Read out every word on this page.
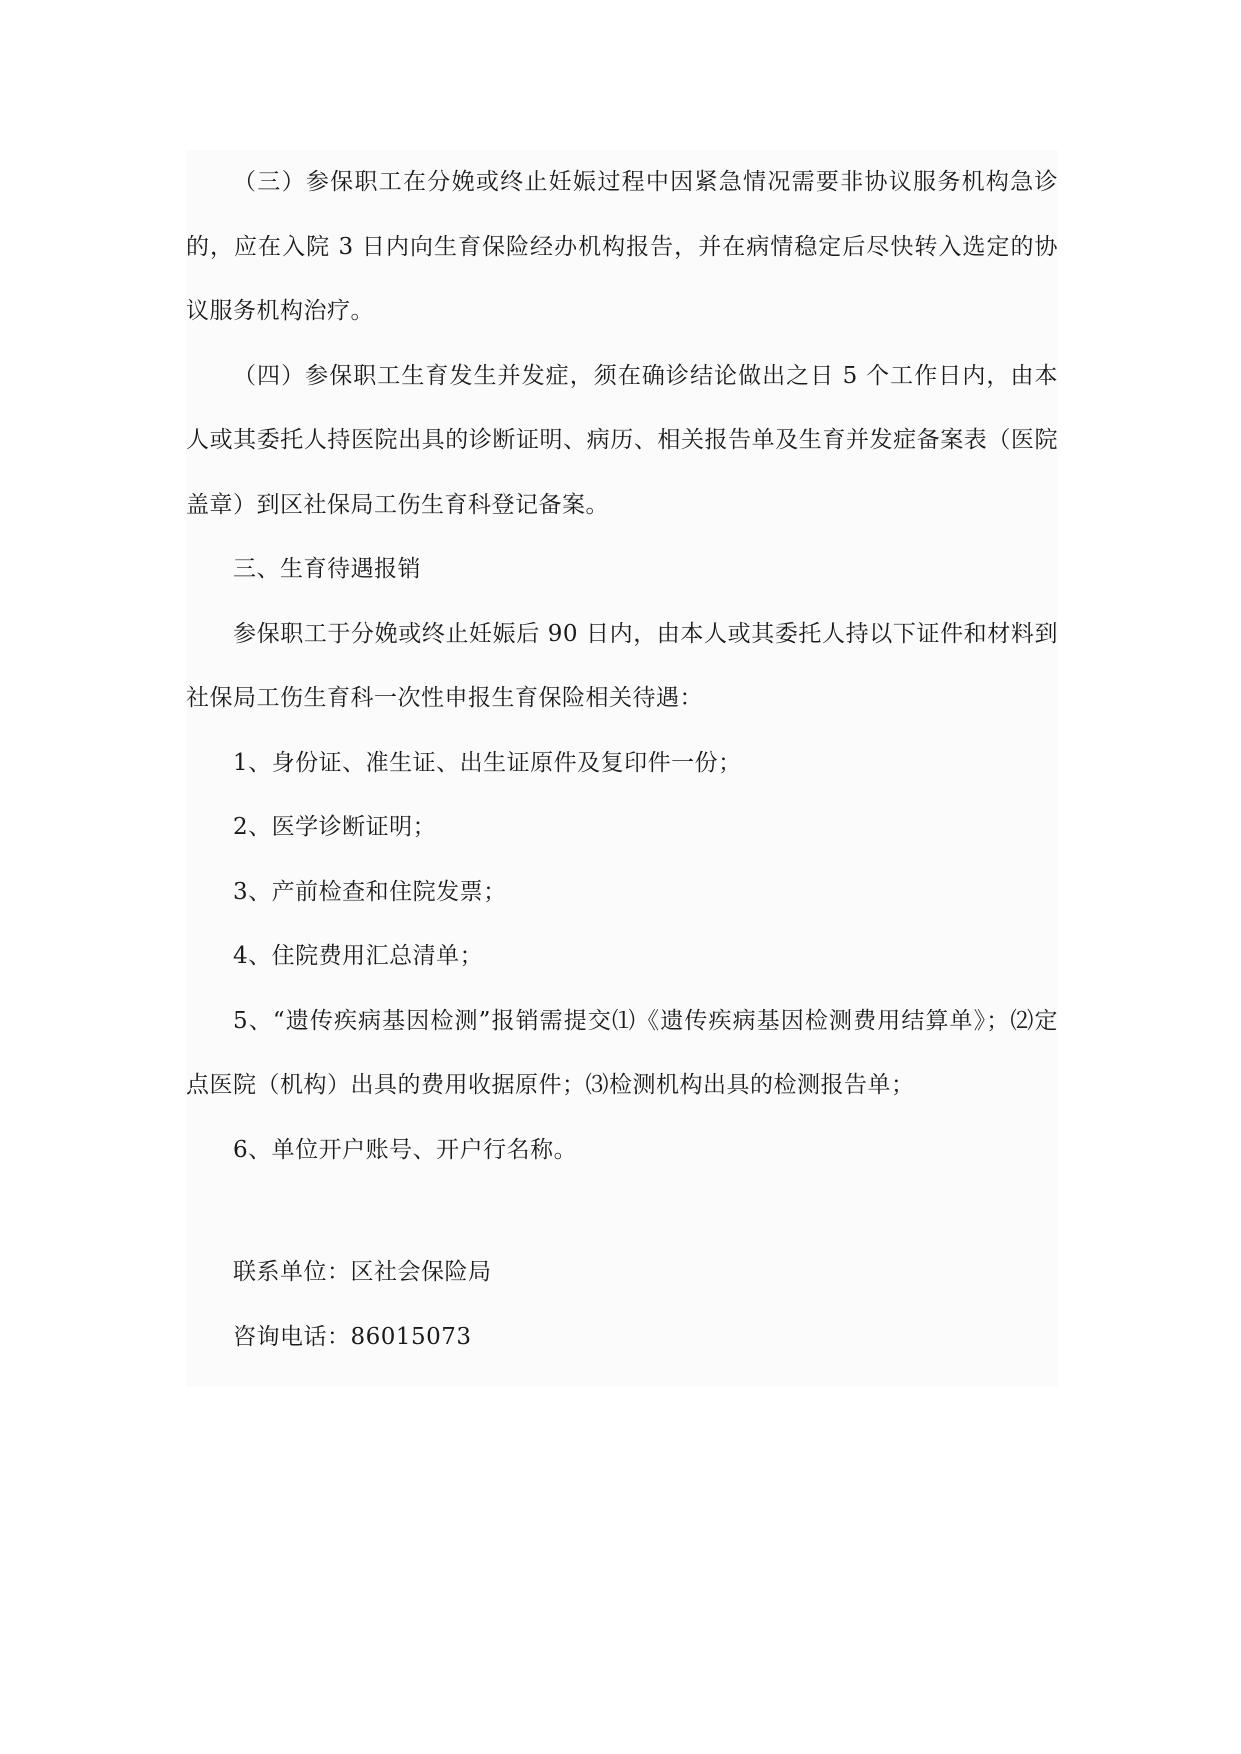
（三）参保职工在分娩或终止妊娠过程中因紧急情况需要非协议服务机构急诊的，应在入院 3 日内向生育保险经办机构报告，并在病情稳定后尽快转入选定的协议服务机构治疗。

（四）参保职工生育发生并发症，须在确诊结论做出之日 5 个工作日内，由本人或其委托人持医院出具的诊断证明、病历、相关报告单及生育并发症备案表（医院盖章）到区社保局工伤生育科登记备案。

三、生育待遇报销

参保职工于分娩或终止妊娠后 90 日内，由本人或其委托人持以下证件和材料到社保局工伤生育科一次性申报生育保险相关待遇：

1、身份证、准生证、出生证原件及复印件一份；

2、医学诊断证明；

3、产前检查和住院发票；

4、住院费用汇总清单；

5、“遗传疾病基因检测”报销需提交⑴《遗传疾病基因检测费用结算单》；⑵定点医院（机构）出具的费用收据原件；⑶检测机构出具的检测报告单；

6、单位开户账号、开户行名称。

联系单位：区社会保险局

咨询电话：86015073
